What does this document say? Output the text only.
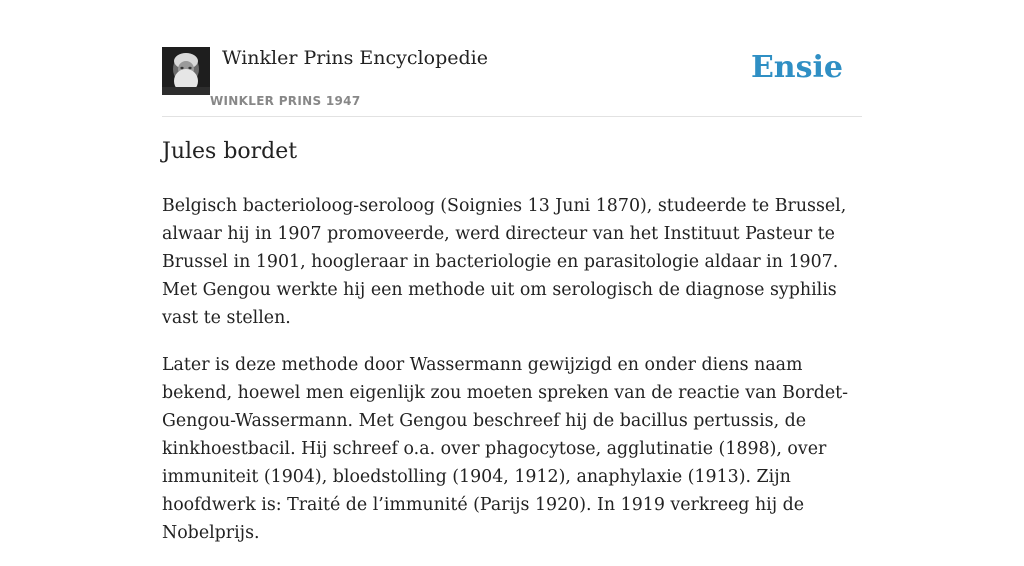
Winkler Prins Encyclopedie
WINKLER PRINS 1947
Ensie
Jules bordet

Belgisch bacterioloog-seroloog (Soignies 13 Juni 1870), studeerde te Brussel, alwaar hij in 1907 promoveerde, werd directeur van het Instituut Pasteur te Brussel in 1901, hoogleraar in bacteriologie en parasitologie aldaar in 1907. Met Gengou werkte hij een methode uit om serologisch de diagnose syphilis vast te stellen.

Later is deze methode door Wassermann gewijzigd en onder diens naam bekend, hoewel men eigenlijk zou moeten spreken van de reactie van Bordet-Gengou-Wassermann. Met Gengou beschreef hij de bacillus pertussis, de kinkhoestbacil. Hij schreef o.a. over phagocytose, agglutinatie (1898), over immuniteit (1904), bloedstolling (1904, 1912), anaphylaxie (1913). Zijn hoofdwerk is: Traité de l’immunité (Parijs 1920). In 1919 verkreeg hij de Nobelprijs.
